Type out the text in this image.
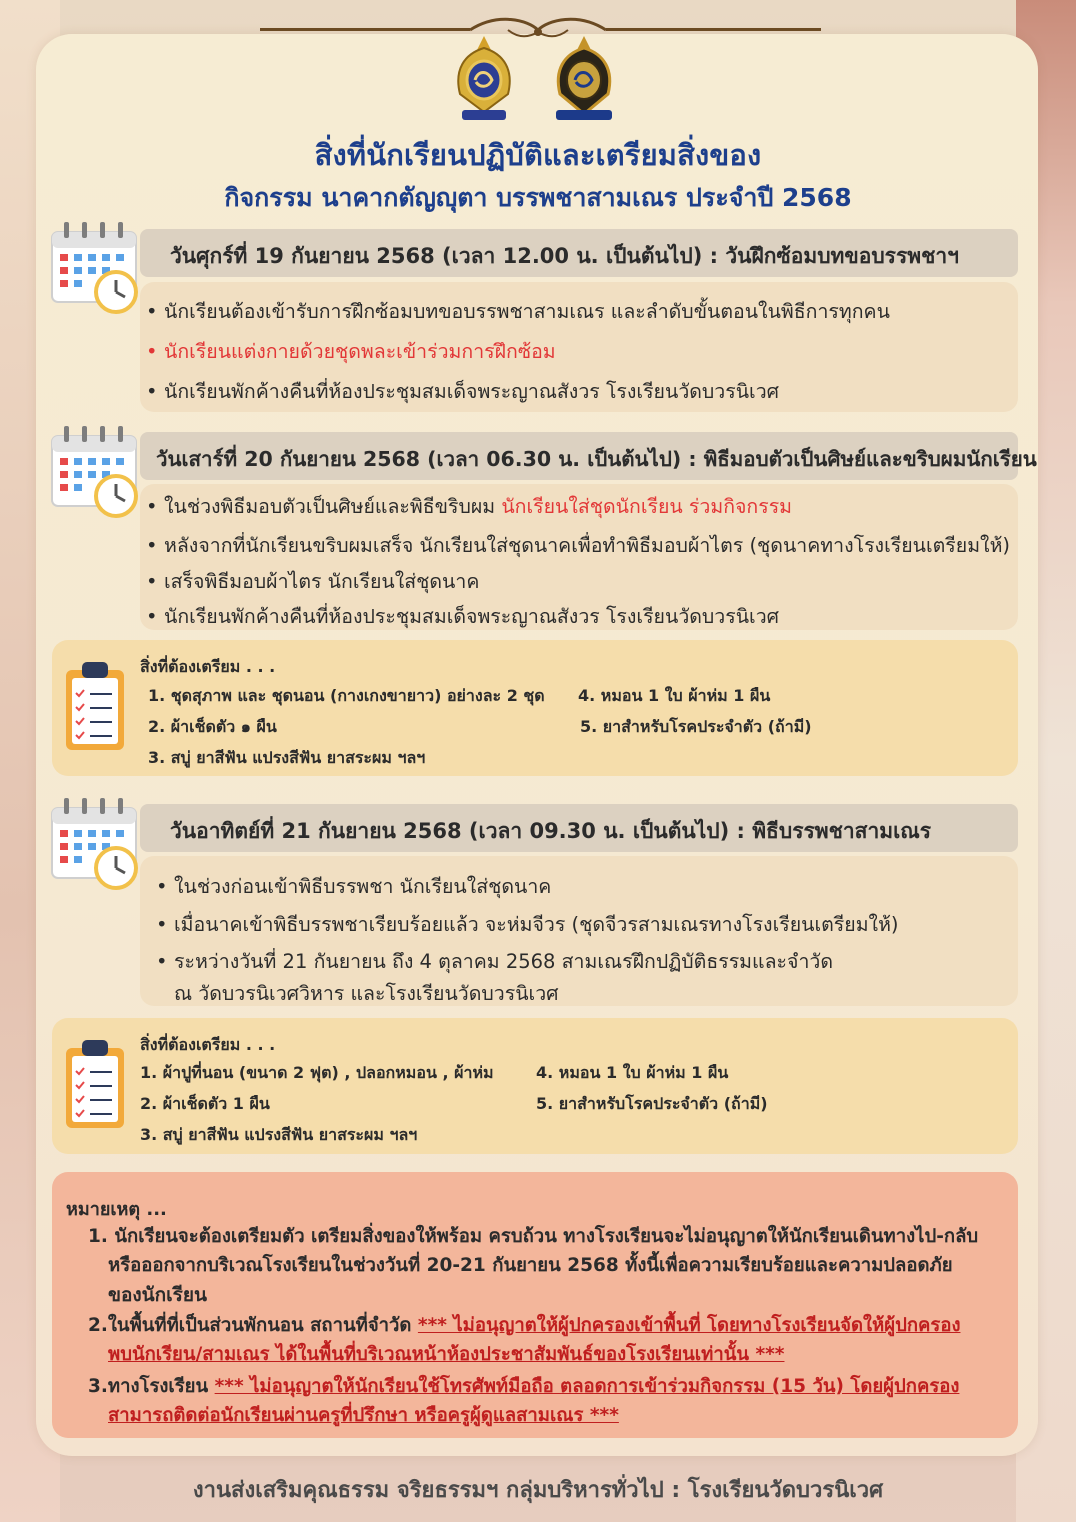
สิ่งที่นักเรียนปฏิบัติและเตรียมสิ่งของ
กิจกรรม นาคากตัญญุตา บรรพชาสามเณร ประจำปี 2568
วันศุกร์ที่ 19 กันยายน 2568 (เวลา 12.00 น. เป็นต้นไป) : วันฝึกซ้อมบทขอบรรพชาฯ
• นักเรียนต้องเข้ารับการฝึกซ้อมบทขอบรรพชาสามเณร และลำดับขั้นตอนในพิธีการทุกคน
• นักเรียนแต่งกายด้วยชุดพละเข้าร่วมการฝึกซ้อม
• นักเรียนพักค้างคืนที่ห้องประชุมสมเด็จพระญาณสังวร โรงเรียนวัดบวรนิเวศ
วันเสาร์ที่ 20 กันยายน 2568 (เวลา 06.30 น. เป็นต้นไป) : พิธีมอบตัวเป็นศิษย์และขริบผมนักเรียน
• ในช่วงพิธีมอบตัวเป็นศิษย์และพิธีขริบผม นักเรียนใส่ชุดนักเรียน ร่วมกิจกรรม
• หลังจากที่นักเรียนขริบผมเสร็จ นักเรียนใส่ชุดนาคเพื่อทำพิธีมอบผ้าไตร (ชุดนาคทางโรงเรียนเตรียมให้)
• เสร็จพิธีมอบผ้าไตร นักเรียนใส่ชุดนาค
• นักเรียนพักค้างคืนที่ห้องประชุมสมเด็จพระญาณสังวร โรงเรียนวัดบวรนิเวศ
สิ่งที่ต้องเตรียม . . .
1. ชุดสุภาพ และ ชุดนอน (กางเกงขายาว) อย่างละ 2 ชุด
2. ผ้าเช็ดตัว ๑ ผืน
3. สบู่ ยาสีฟัน แปรงสีฟัน ยาสระผม ฯลฯ
4. หมอน 1 ใบ ผ้าห่ม 1 ผืน
5. ยาสำหรับโรคประจำตัว (ถ้ามี)
วันอาทิตย์ที่ 21 กันยายน 2568 (เวลา 09.30 น. เป็นต้นไป) : พิธีบรรพชาสามเณร
• ในช่วงก่อนเข้าพิธีบรรพชา นักเรียนใส่ชุดนาค
• เมื่อนาคเข้าพิธีบรรพชาเรียบร้อยแล้ว จะห่มจีวร (ชุดจีวรสามเณรทางโรงเรียนเตรียมให้)
• ระหว่างวันที่ 21 กันยายน ถึง 4 ตุลาคม 2568 สามเณรฝึกปฏิบัติธรรมและจำวัด
ณ วัดบวรนิเวศวิหาร และโรงเรียนวัดบวรนิเวศ
สิ่งที่ต้องเตรียม . . .
1. ผ้าปูที่นอน (ขนาด 2 ฟุต) , ปลอกหมอน , ผ้าห่ม
2. ผ้าเช็ดตัว 1 ผืน
3. สบู่ ยาสีฟัน แปรงสีฟัน ยาสระผม ฯลฯ
4. หมอน 1 ใบ ผ้าห่ม 1 ผืน
5. ยาสำหรับโรคประจำตัว (ถ้ามี)
หมายเหตุ ...
1. นักเรียนจะต้องเตรียมตัว เตรียมสิ่งของให้พร้อม ครบถ้วน ทางโรงเรียนจะไม่อนุญาตให้นักเรียนเดินทางไป-กลับ
หรือออกจากบริเวณโรงเรียนในช่วงวันที่ 20-21 กันยายน 2568 ทั้งนี้เพื่อความเรียบร้อยและความปลอดภัย
ของนักเรียน
2.ในพื้นที่ที่เป็นส่วนพักนอน สถานที่จำวัด *** ไม่อนุญาตให้ผู้ปกครองเข้าพื้นที่ โดยทางโรงเรียนจัดให้ผู้ปกครอง
พบนักเรียน/สามเณร ได้ในพื้นที่บริเวณหน้าห้องประชาสัมพันธ์ของโรงเรียนเท่านั้น ***
3.ทางโรงเรียน *** ไม่อนุญาตให้นักเรียนใช้โทรศัพท์มือถือ ตลอดการเข้าร่วมกิจกรรม (15 วัน) โดยผู้ปกครอง
สามารถติดต่อนักเรียนผ่านครูที่ปรึกษา หรือครูผู้ดูแลสามเณร ***
งานส่งเสริมคุณธรรม จริยธรรมฯ กลุ่มบริหารทั่วไป : โรงเรียนวัดบวรนิเวศ
